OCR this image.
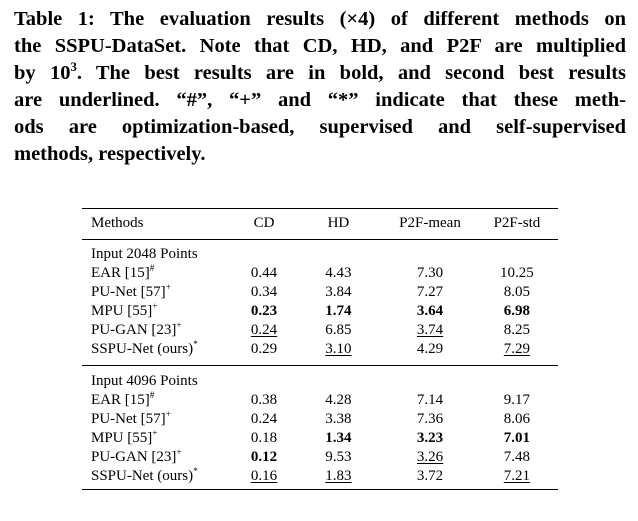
Table 1: The evaluation results (×4) of different methods on
the SSPU-DataSet. Note that CD, HD, and P2F are multiplied
by $10^3$. The best results are in bold, and second best results
are underlined. “#”, “+” and “*” indicate that these meth-
ods are optimization-based, supervised and self-supervised
methods, respectively.
Methods	CD	HD	P2F-mean	P2F-std
Input 2048 Points				
EAR [15]#	0.44	4.43	7.30	10.25
PU-Net [57]+	0.34	3.84	7.27	8.05
MPU [55]+	0.23	1.74	3.64	6.98
PU-GAN [23]+	0.24	6.85	3.74	8.25
SSPU-Net (ours)*	0.29	3.10	4.29	7.29
Input 4096 Points				
EAR [15]#	0.38	4.28	7.14	9.17
PU-Net [57]+	0.24	3.38	7.36	8.06
MPU [55]+	0.18	1.34	3.23	7.01
PU-GAN [23]+	0.12	9.53	3.26	7.48
SSPU-Net (ours)*	0.16	1.83	3.72	7.21
